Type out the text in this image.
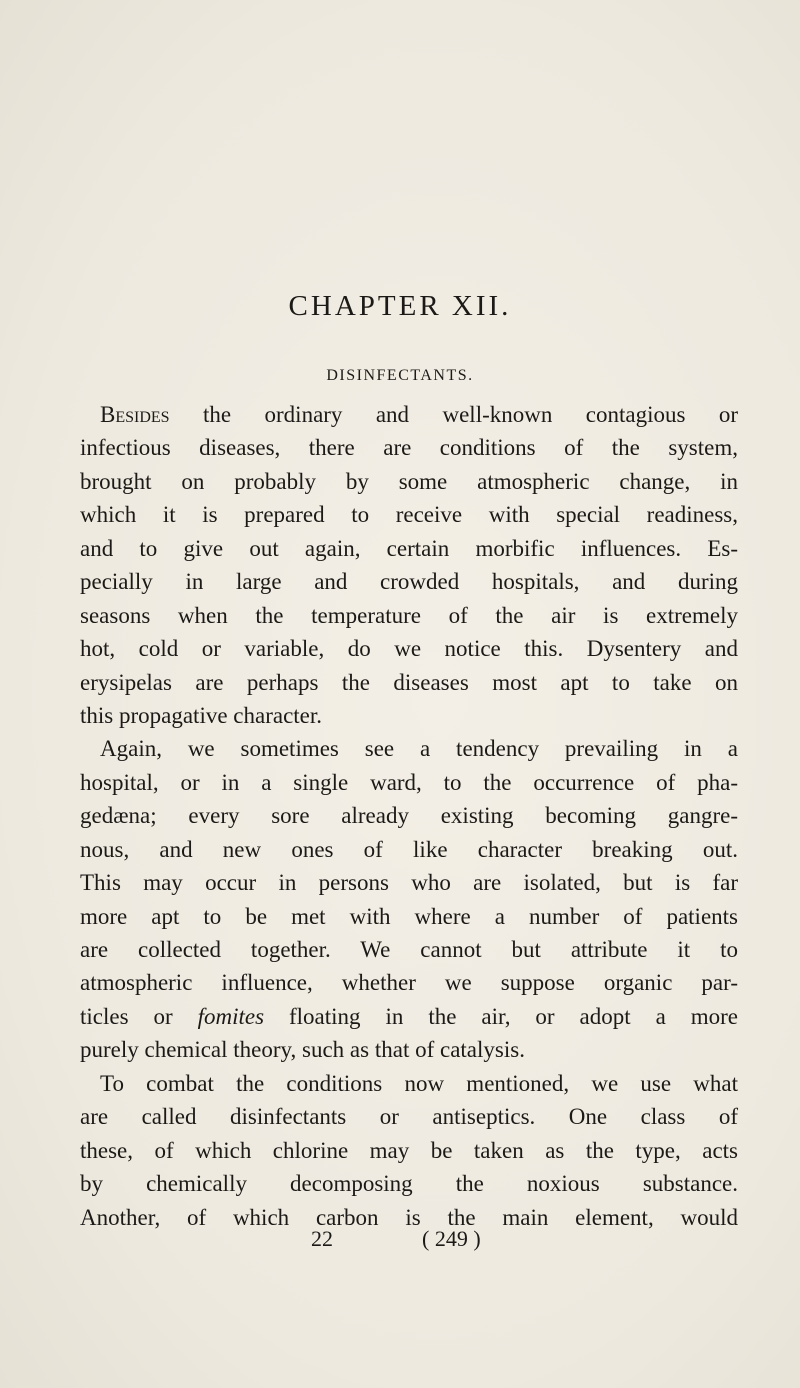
CHAPTER XII.
DISINFECTANTS.
Besides the ordinary and well-known contagious or
infectious diseases, there are conditions of the system,
brought on probably by some atmospheric change, in
which it is prepared to receive with special readiness,
and to give out again, certain morbific influences. Es-
pecially in large and crowded hospitals, and during
seasons when the temperature of the air is extremely
hot, cold or variable, do we notice this. Dysentery and
erysipelas are perhaps the diseases most apt to take on
this propagative character.
Again, we sometimes see a tendency prevailing in a
hospital, or in a single ward, to the occurrence of pha-
gedæna; every sore already existing becoming gangre-
nous, and new ones of like character breaking out.
This may occur in persons who are isolated, but is far
more apt to be met with where a number of patients
are collected together. We cannot but attribute it to
atmospheric influence, whether we suppose organic par-
ticles or fomites floating in the air, or adopt a more
purely chemical theory, such as that of catalysis.
To combat the conditions now mentioned, we use what
are called disinfectants or antiseptics. One class of
these, of which chlorine may be taken as the type, acts
by chemically decomposing the noxious substance.
Another, of which carbon is the main element, would
22	( 249 )
